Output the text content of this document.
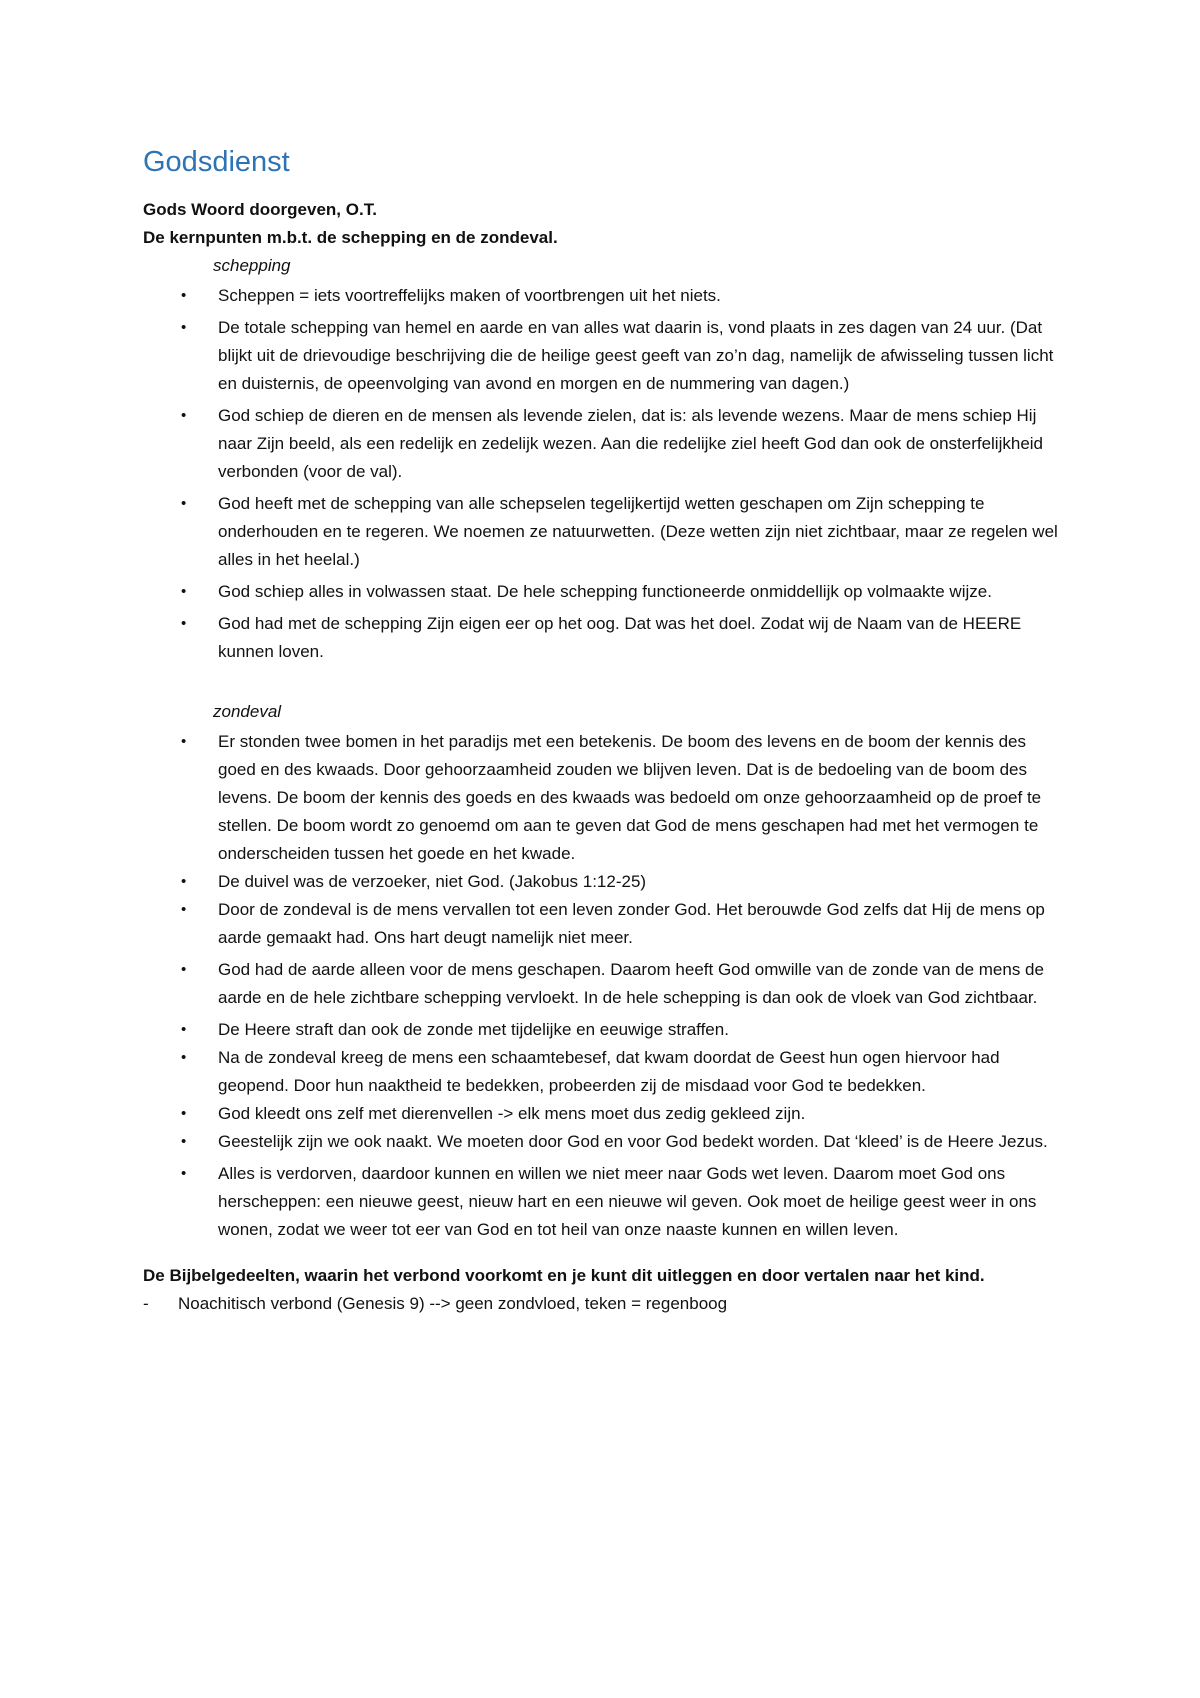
Godsdienst

Gods Woord doorgeven, O.T.

De kernpunten m.b.t. de schepping en de zondeval.

schepping

• Scheppen = iets voortreffelijks maken of voortbrengen uit het niets.
• De totale schepping van hemel en aarde en van alles wat daarin is, vond plaats in zes dagen van 24 uur. (Dat blijkt uit de drievoudige beschrijving die de heilige geest geeft van zo’n dag, namelijk de afwisseling tussen licht en duisternis, de opeenvolging van avond en morgen en de nummering van dagen.)
• God schiep de dieren en de mensen als levende zielen, dat is: als levende wezens. Maar de mens schiep Hij naar Zijn beeld, als een redelijk en zedelijk wezen. Aan die redelijke ziel heeft God dan ook de onsterfelijkheid verbonden (voor de val).
• God heeft met de schepping van alle schepselen tegelijkertijd wetten geschapen om Zijn schepping te onderhouden en te regeren. We noemen ze natuurwetten. (Deze wetten zijn niet zichtbaar, maar ze regelen wel alles in het heelal.)
• God schiep alles in volwassen staat. De hele schepping functioneerde onmiddellijk op volmaakte wijze.
• God had met de schepping Zijn eigen eer op het oog. Dat was het doel. Zodat wij de Naam van de HEERE kunnen loven.

zondeval

• Er stonden twee bomen in het paradijs met een betekenis. De boom des levens en de boom der kennis des goed en des kwaads. Door gehoorzaamheid zouden we blijven leven. Dat is de bedoeling van de boom des levens. De boom der kennis des goeds en des kwaads was bedoeld om onze gehoorzaamheid op de proef te stellen. De boom wordt zo genoemd om aan te geven dat God de mens geschapen had met het vermogen te onderscheiden tussen het goede en het kwade.
• De duivel was de verzoeker, niet God. (Jakobus 1:12-25)
• Door de zondeval is de mens vervallen tot een leven zonder God. Het berouwde God zelfs dat Hij de mens op aarde gemaakt had. Ons hart deugt namelijk niet meer.
• God had de aarde alleen voor de mens geschapen. Daarom heeft God omwille van de zonde van de mens de aarde en de hele zichtbare schepping vervloekt. In de hele schepping is dan ook de vloek van God zichtbaar.
• De Heere straft dan ook de zonde met tijdelijke en eeuwige straffen.
• Na de zondeval kreeg de mens een schaamtebesef, dat kwam doordat de Geest hun ogen hiervoor had geopend. Door hun naaktheid te bedekken, probeerden zij de misdaad voor God te bedekken.
• God kleedt ons zelf met dierenvellen -> elk mens moet dus zedig gekleed zijn.
• Geestelijk zijn we ook naakt. We moeten door God en voor God bedekt worden. Dat ‘kleed’ is de Heere Jezus.
• Alles is verdorven, daardoor kunnen en willen we niet meer naar Gods wet leven. Daarom moet God ons herscheppen: een nieuwe geest, nieuw hart en een nieuwe wil geven. Ook moet de heilige geest weer in ons wonen, zodat we weer tot eer van God en tot heil van onze naaste kunnen en willen leven.

De Bijbelgedeelten, waarin het verbond voorkomt en je kunt dit uitleggen en door vertalen naar het kind.

- Noachitisch verbond (Genesis 9) --> geen zondvloed, teken = regenboog
